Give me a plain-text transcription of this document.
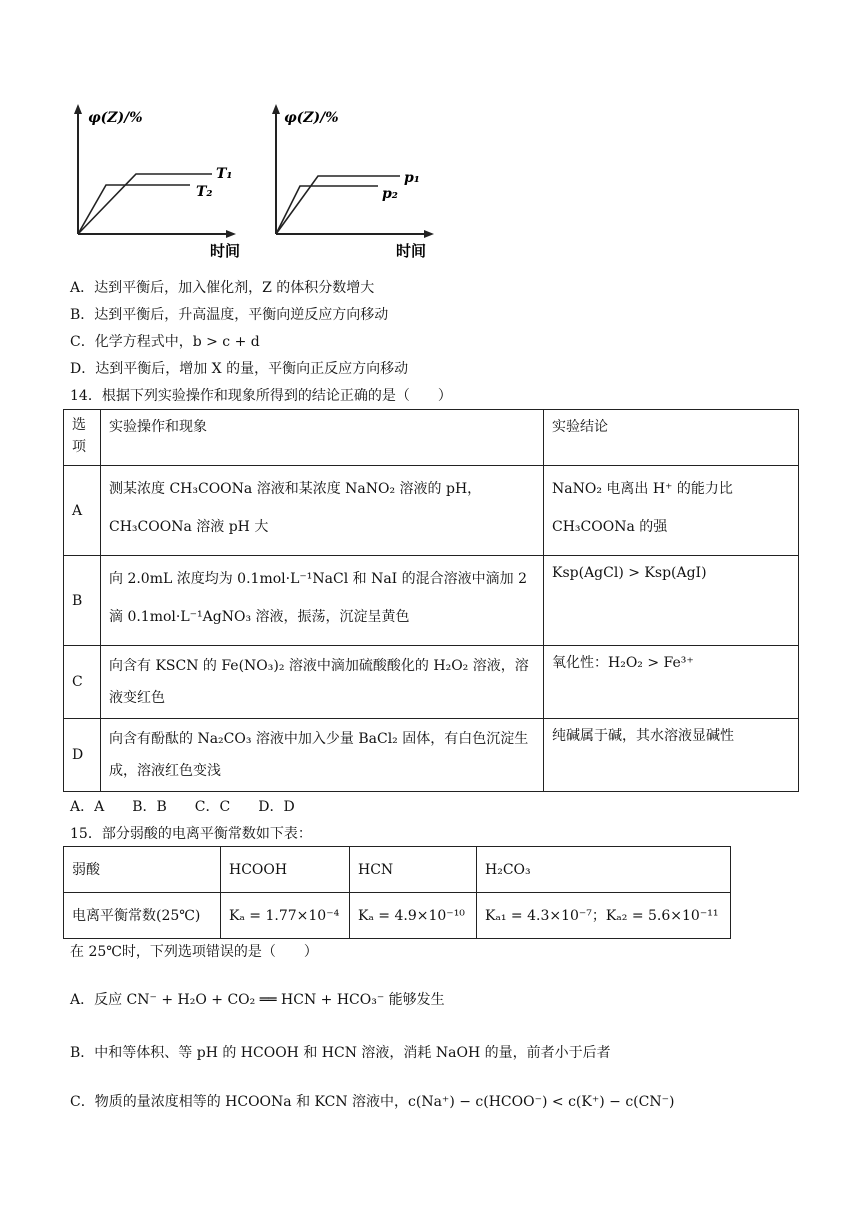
φ(Z)/%
T₁
T₂
时间
φ(Z)/%
p₁
p₂
时间
A．达到平衡后，加入催化剂，Z 的体积分数增大
B．达到平衡后，升高温度，平衡向逆反应方向移动
C．化学方程式中，b > c + d
D．达到平衡后，增加 X 的量，平衡向正反应方向移动
14．根据下列实验操作和现象所得到的结论正确的是（　　）
选项	实验操作和现象	实验结论
A	测某浓度 CH₃COONa 溶液和某浓度 NaNO₂ 溶液的 pH，CH₃COONa 溶液 pH 大	NaNO₂ 电离出 H⁺ 的能力比 CH₃COONa 的强
B	向 2.0mL 浓度均为 0.1mol·L⁻¹NaCl 和 NaI 的混合溶液中滴加 2 滴 0.1mol·L⁻¹AgNO₃ 溶液，振荡，沉淀呈黄色	Ksp(AgCl) > Ksp(AgI)
C	向含有 KSCN 的 Fe(NO₃)₂ 溶液中滴加硫酸酸化的 H₂O₂ 溶液，溶液变红色	氧化性：H₂O₂ > Fe³⁺
D	向含有酚酞的 Na₂CO₃ 溶液中加入少量 BaCl₂ 固体，有白色沉淀生成，溶液红色变浅	纯碱属于碱，其水溶液显碱性
A．A　　B．B　　C．C　　D．D
15．部分弱酸的电离平衡常数如下表：
弱酸	HCOOH	HCN	H₂CO₃
电离平衡常数(25℃)	Kₐ = 1.77×10⁻⁴	Kₐ = 4.9×10⁻¹⁰	Kₐ₁ = 4.3×10⁻⁷；Kₐ₂ = 5.6×10⁻¹¹
在 25℃时，下列选项错误的是（　　）
A．反应 CN⁻ + H₂O + CO₂ ══ HCN + HCO₃⁻ 能够发生
B．中和等体积、等 pH 的 HCOOH 和 HCN 溶液，消耗 NaOH 的量，前者小于后者
C．物质的量浓度相等的 HCOONa 和 KCN 溶液中，c(Na⁺) − c(HCOO⁻) < c(K⁺) − c(CN⁻)
